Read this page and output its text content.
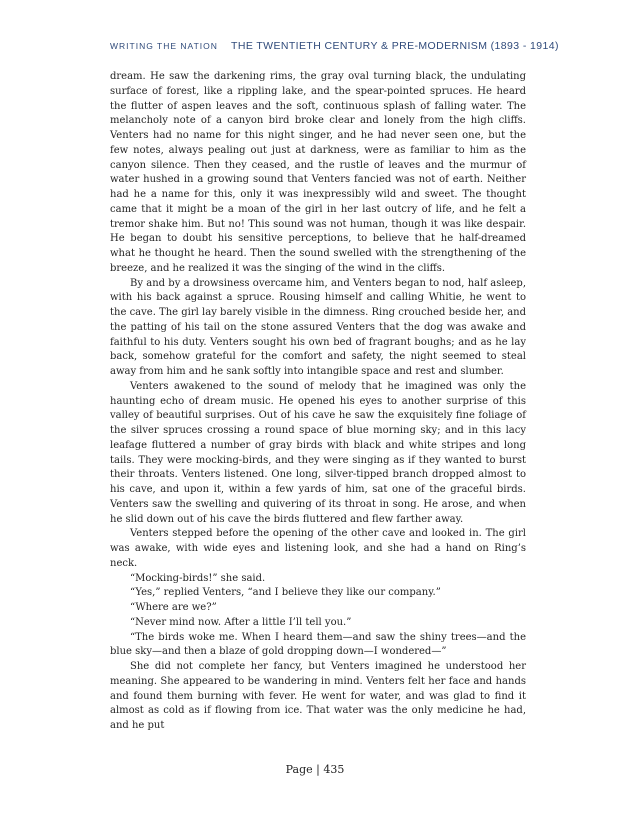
WRITING THE NATION THE TWENTIETH CENTURY & PRE-MODERNISM (1893 - 1914)

dream. He saw the darkening rims, the gray oval turning black, the undulating surface of forest, like a rippling lake, and the spear-pointed spruces. He heard the flutter of aspen leaves and the soft, continuous splash of falling water. The melancholy note of a canyon bird broke clear and lonely from the high cliffs. Venters had no name for this night singer, and he had never seen one, but the few notes, always pealing out just at darkness, were as familiar to him as the canyon silence. Then they ceased, and the rustle of leaves and the murmur of water hushed in a growing sound that Venters fancied was not of earth. Neither had he a name for this, only it was inexpressibly wild and sweet. The thought came that it might be a moan of the girl in her last outcry of life, and he felt a tremor shake him. But no! This sound was not human, though it was like despair. He began to doubt his sensitive perceptions, to believe that he half-dreamed what he thought he heard. Then the sound swelled with the strengthening of the breeze, and he realized it was the singing of the wind in the cliffs.

By and by a drowsiness overcame him, and Venters began to nod, half asleep, with his back against a spruce. Rousing himself and calling Whitie, he went to the cave. The girl lay barely visible in the dimness. Ring crouched beside her, and the patting of his tail on the stone assured Venters that the dog was awake and faithful to his duty. Venters sought his own bed of fragrant boughs; and as he lay back, somehow grateful for the comfort and safety, the night seemed to steal away from him and he sank softly into intangible space and rest and slumber.

Venters awakened to the sound of melody that he imagined was only the haunting echo of dream music. He opened his eyes to another surprise of this valley of beautiful surprises. Out of his cave he saw the exquisitely fine foliage of the silver spruces crossing a round space of blue morning sky; and in this lacy leafage fluttered a number of gray birds with black and white stripes and long tails. They were mocking-birds, and they were singing as if they wanted to burst their throats. Venters listened. One long, silver-tipped branch dropped almost to his cave, and upon it, within a few yards of him, sat one of the graceful birds. Venters saw the swelling and quivering of its throat in song. He arose, and when he slid down out of his cave the birds fluttered and flew farther away.

Venters stepped before the opening of the other cave and looked in. The girl was awake, with wide eyes and listening look, and she had a hand on Ring’s neck.

“Mocking-birds!” she said.

“Yes,” replied Venters, “and I believe they like our company.”

“Where are we?”

“Never mind now. After a little I’ll tell you.”

“The birds woke me. When I heard them—and saw the shiny trees—and the blue sky—and then a blaze of gold dropping down—I wondered—”

She did not complete her fancy, but Venters imagined he understood her meaning. She appeared to be wandering in mind. Venters felt her face and hands and found them burning with fever. He went for water, and was glad to find it almost as cold as if flowing from ice. That water was the only medicine he had, and he put

Page | 435
